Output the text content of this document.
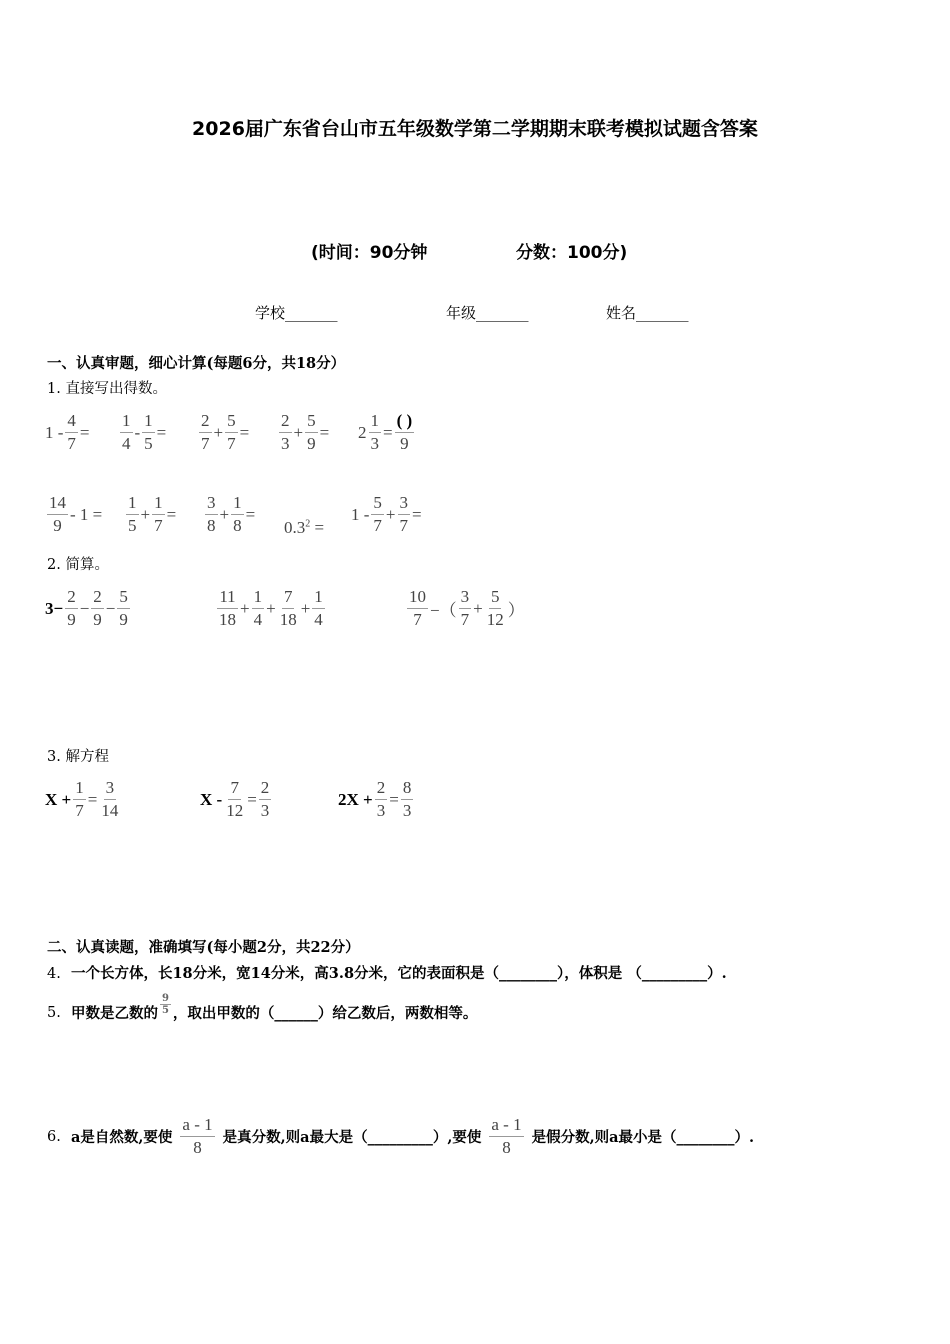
2026届广东省台山市五年级数学第二学期期末联考模拟试题含答案
(时间：90分钟	分数：100分)
学校_______	年级_______	姓名_______
一、认真审题，细心计算(每题6分，共18分）
1. 直接写出得数。
$1 - \frac{4}{7}$ =
1
4
- $\frac{1}{5}$ =
2
7
+ $\frac{5}{7}$ =
2
3
+ $\frac{5}{9} = 2 \frac{1}{3}$ =
( )
9
14
9
- 1 =
1
5
+ $\frac{1}{7}$ =
3
8
+ $\frac{1}{8}$ =
$0.3^2$ =
1 -
5
7
+ $\frac{3}{7}$ =
2. 简算。
$3- \frac{2}{9} - \frac{2}{9} - \frac{5}{9}$	11
18
+ $\frac{1}{4} + \frac{7}{18} + \frac{1}{4}$	10
7 −（
3
7
+ $\frac{5}{12}$ ）
3. 解方程
$X + \frac{1}{7} = \frac{3}{14}$	$X - \frac{7}{12} = \frac{2}{3}$	$2X + \frac{2}{3} = \frac{8}{3}$
二、认真读题，准确填写(每小题2分，共22分）
4. 一个长方体，长18分米，宽14分米，高3.8分米，它的表面积是（________），体积是 （_________）.
5.
甲数是乙数的
9
5 ，取出甲数的（______）给乙数后，两数相等。
6.
a是自然数,要使
a - 1
8
是真分数,则a最大是（_________）,要使
a - 1
8
是假分数,则a最小是（________）.
